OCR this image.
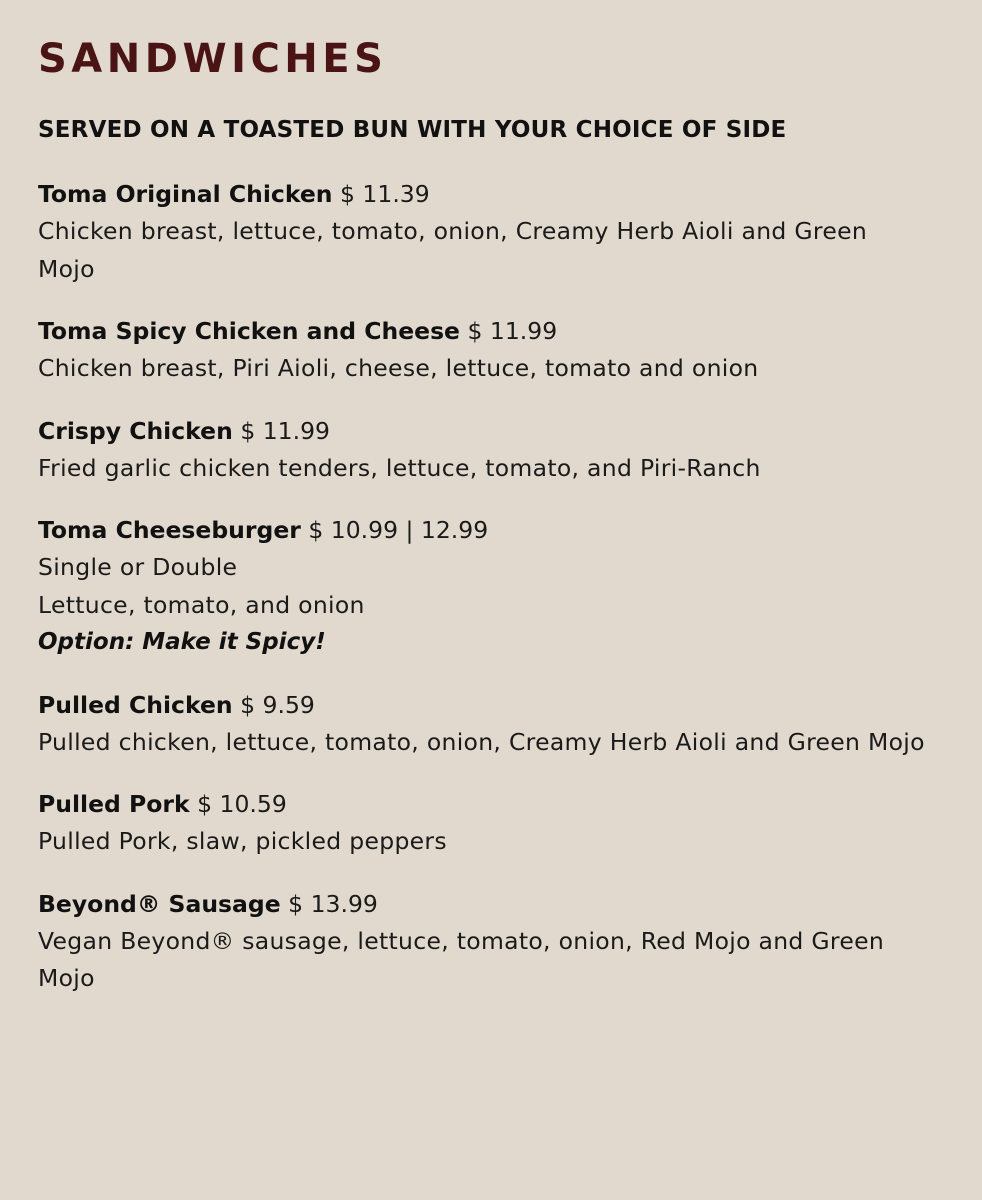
SANDWICHES
SERVED ON A TOASTED BUN WITH YOUR CHOICE OF SIDE
Toma Original Chicken $ 11.39

Chicken breast, lettuce, tomato, onion, Creamy Herb Aioli and Green Mojo

Toma Spicy Chicken and Cheese $ 11.99

Chicken breast, Piri Aioli, cheese, lettuce, tomato and onion

Crispy Chicken $ 11.99

Fried garlic chicken tenders, lettuce, tomato, and Piri-Ranch

Toma Cheeseburger $ 10.99 | 12.99

Single or Double

Lettuce, tomato, and onion

Option: Make it Spicy!

Pulled Chicken $ 9.59

Pulled chicken, lettuce, tomato, onion, Creamy Herb Aioli and Green Mojo

Pulled Pork $ 10.59

Pulled Pork, slaw, pickled peppers

Beyond® Sausage $ 13.99

Vegan Beyond® sausage, lettuce, tomato, onion, Red Mojo and Green Mojo
